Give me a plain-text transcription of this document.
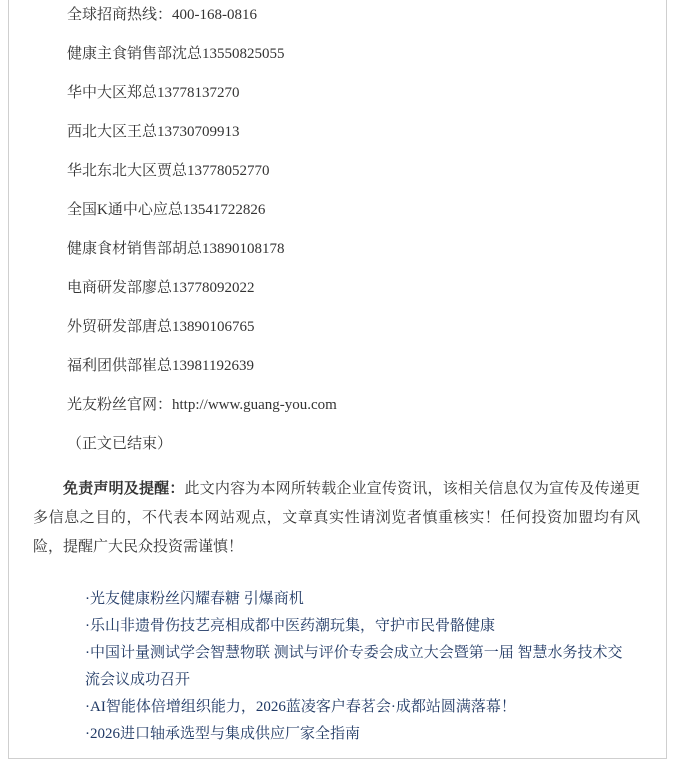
全球招商热线：400-168-0816

健康主食销售部沈总13550825055

华中大区郑总13778137270

西北大区王总13730709913

华北东北大区贾总13778052770

全国K通中心应总13541722826

健康食材销售部胡总13890108178

电商研发部廖总13778092022

外贸研发部唐总13890106765

福利团供部崔总13981192639

光友粉丝官网：http://www.guang-you.com

（正文已结束）

免责声明及提醒：此文内容为本网所转载企业宣传资讯，该相关信息仅为宣传及传递更多信息之目的，不代表本网站观点，文章真实性请浏览者慎重核实！任何投资加盟均有风险，提醒广大民众投资需谨慎！

·光友健康粉丝闪耀春糖 引爆商机
·乐山非遗骨伤技艺亮相成都中医药潮玩集，守护市民骨骼健康
·中国计量测试学会智慧物联 测试与评价专委会成立大会暨第一届 智慧水务技术交流会议成功召开
·AI智能体倍增组织能力，2026蓝凌客户春茗会·成都站圆满落幕！
·2026进口轴承选型与集成供应厂家全指南
